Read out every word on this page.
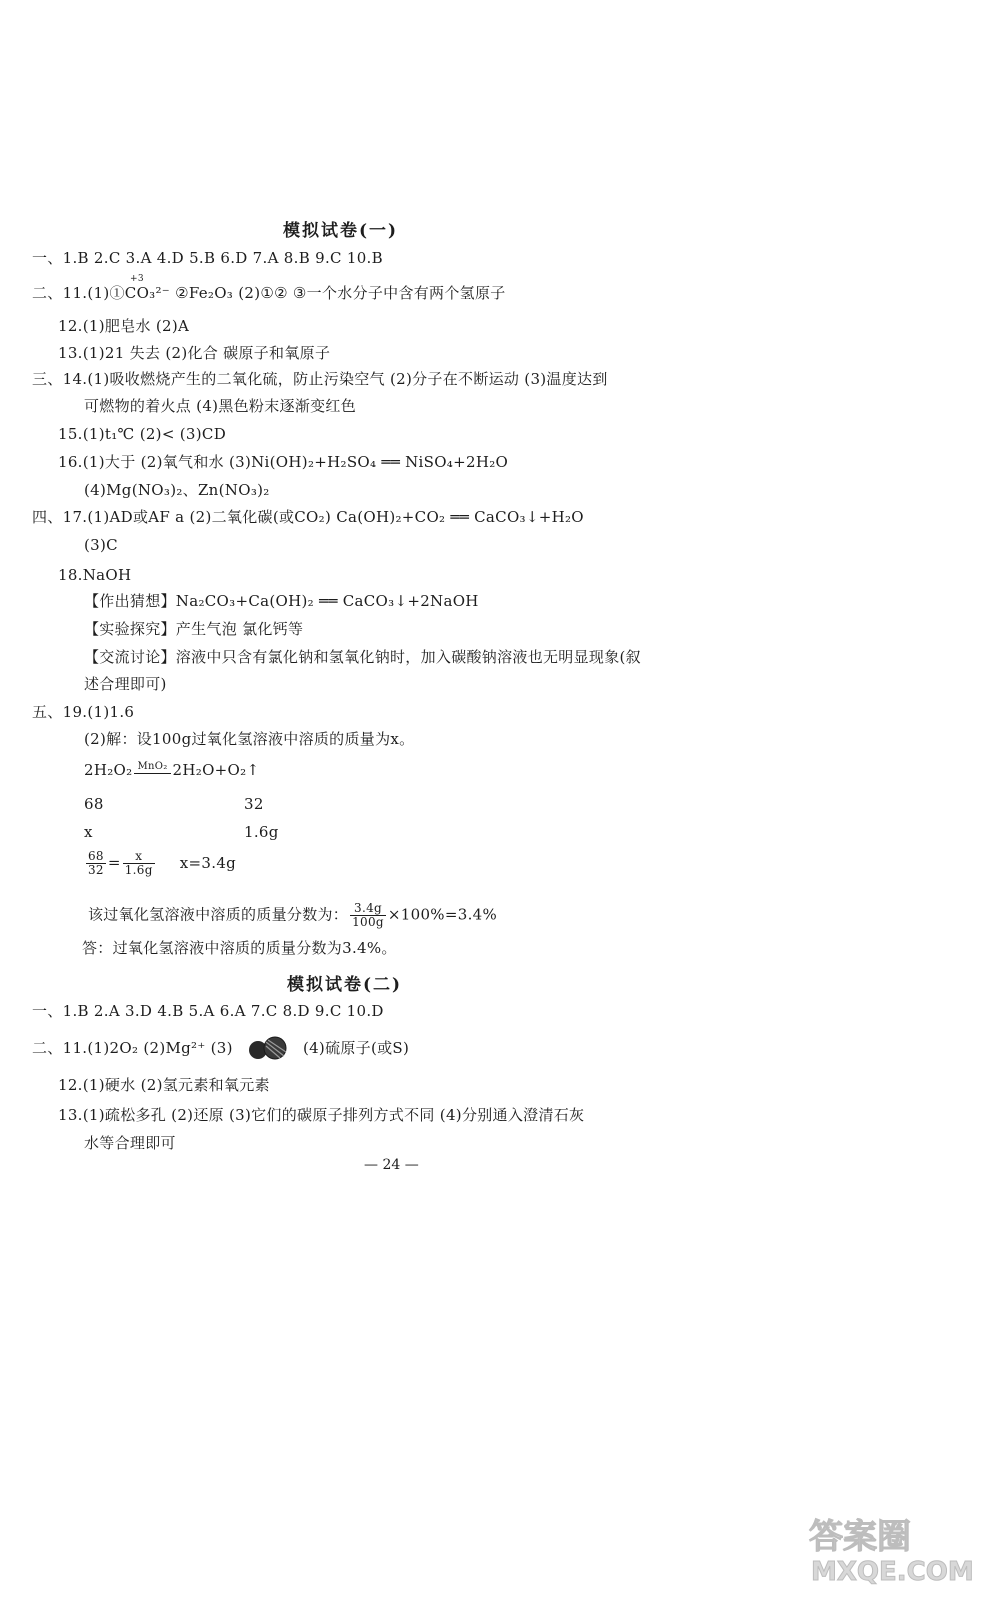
模拟试卷(一)
一、1.B 2.C 3.A 4.D 5.B 6.D 7.A 8.B 9.C 10.B
+3
二、11.(1)①CO₃²⁻ ②Fe₂O₃ (2)①② ③一个水分子中含有两个氢原子
12.(1)肥皂水 (2)A
13.(1)21 失去 (2)化合 碳原子和氧原子
三、14.(1)吸收燃烧产生的二氧化硫，防止污染空气 (2)分子在不断运动 (3)温度达到
可燃物的着火点 (4)黑色粉末逐渐变红色
15.(1)t₁℃ (2)< (3)CD
16.(1)大于 (2)氧气和水 (3)Ni(OH)₂+H₂SO₄ ══ NiSO₄+2H₂O
(4)Mg(NO₃)₂、Zn(NO₃)₂
四、17.(1)AD或AF a (2)二氧化碳(或CO₂) Ca(OH)₂+CO₂ ══ CaCO₃↓+H₂O
(3)C
18.NaOH
【作出猜想】Na₂CO₃+Ca(OH)₂ ══ CaCO₃↓+2NaOH
【实验探究】产生气泡 氯化钙等
【交流讨论】溶液中只含有氯化钠和氢氧化钠时，加入碳酸钠溶液也无明显现象(叙
述合理即可)
五、19.(1)1.6
(2)解：设100g过氧化氢溶液中溶质的质量为x。
2H₂O₂ MnO₂ 2H₂O+O₂↑
68	32
x	1.6g
$\frac{68}{32} = \frac{x}{1.6g} x=3.4g$
该过氧化氢溶液中溶质的质量分数为： $\frac{3.4g}{100g} \times 100\%=3.4\%$
答：过氧化氢溶液中溶质的质量分数为3.4%。
模拟试卷(二)
一、1.B 2.A 3.D 4.B 5.A 6.A 7.C 8.D 9.C 10.D
二、11.(1)2O₂ (2)Mg²⁺ (3)	(4)硫原子(或S)
12.(1)硬水 (2)氢元素和氧元素
13.(1)疏松多孔 (2)还原 (3)它们的碳原子排列方式不同 (4)分别通入澄清石灰
水等合理即可
— 24 —
答案圈
MXQE.COM
